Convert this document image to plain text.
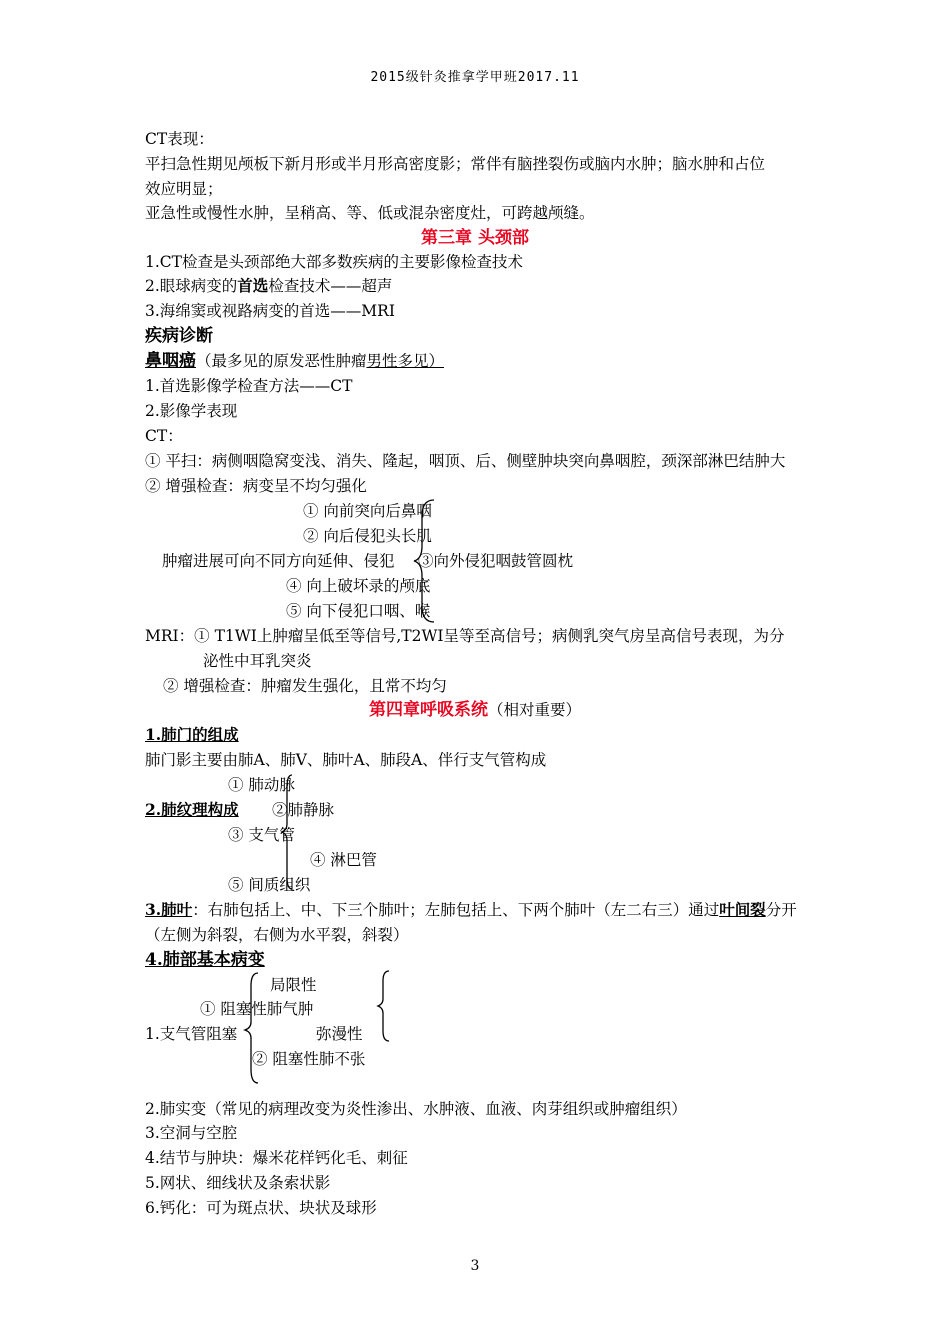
2015级针灸推拿学甲班2017.11
CT表现：
平扫急性期见颅板下新月形或半月形高密度影；常伴有脑挫裂伤或脑内水肿；脑水肿和占位
效应明显；
亚急性或慢性水肿，呈稍高、等、低或混杂密度灶，可跨越颅缝。
第三章 头颈部
1.CT检查是头颈部绝大部多数疾病的主要影像检查技术
2.眼球病变的首选检查技术——超声
3.海绵窦或视路病变的首选——MRI
疾病诊断
鼻咽癌（最多见的原发恶性肿瘤男性多见）
1.首选影像学检查方法——CT
2.影像学表现
CT：
① 平扫：病侧咽隐窝变浅、消失、隆起，咽顶、后、侧壁肿块突向鼻咽腔，颈深部淋巴结肿大
② 增强检查：病变呈不均匀强化
① 向前突向后鼻咽
② 向后侵犯头长肌
肿瘤进展可向不同方向延伸、侵犯 ③向外侵犯咽鼓管圆枕
④ 向上破坏录的颅底
⑤ 向下侵犯口咽、喉
MRI：① T1WI上肿瘤呈低至等信号,T2WI呈等至高信号；病侧乳突气房呈高信号表现，为分
泌性中耳乳突炎
② 增强检查：肿瘤发生强化，且常不均匀
第四章呼吸系统（相对重要）
1.肺门的组成
肺门影主要由肺A、肺V、肺叶A、肺段A、伴行支气管构成
① 肺动脉
2.肺纹理构成 ②肺静脉
③ 支气管
④ 淋巴管
⑤ 间质组织
3.肺叶：右肺包括上、中、下三个肺叶；左肺包括上、下两个肺叶（左二右三）通过叶间裂分开
（左侧为斜裂，右侧为水平裂，斜裂）
4.肺部基本病变
局限性
① 阻塞性肺气肿
1.支气管阻塞	弥漫性
② 阻塞性肺不张
2.肺实变（常见的病理改变为炎性渗出、水肿液、血液、肉芽组织或肿瘤组织）
3.空洞与空腔
4.结节与肿块：爆米花样钙化毛、刺征
5.网状、细线状及条索状影
6.钙化：可为斑点状、块状及球形
3
